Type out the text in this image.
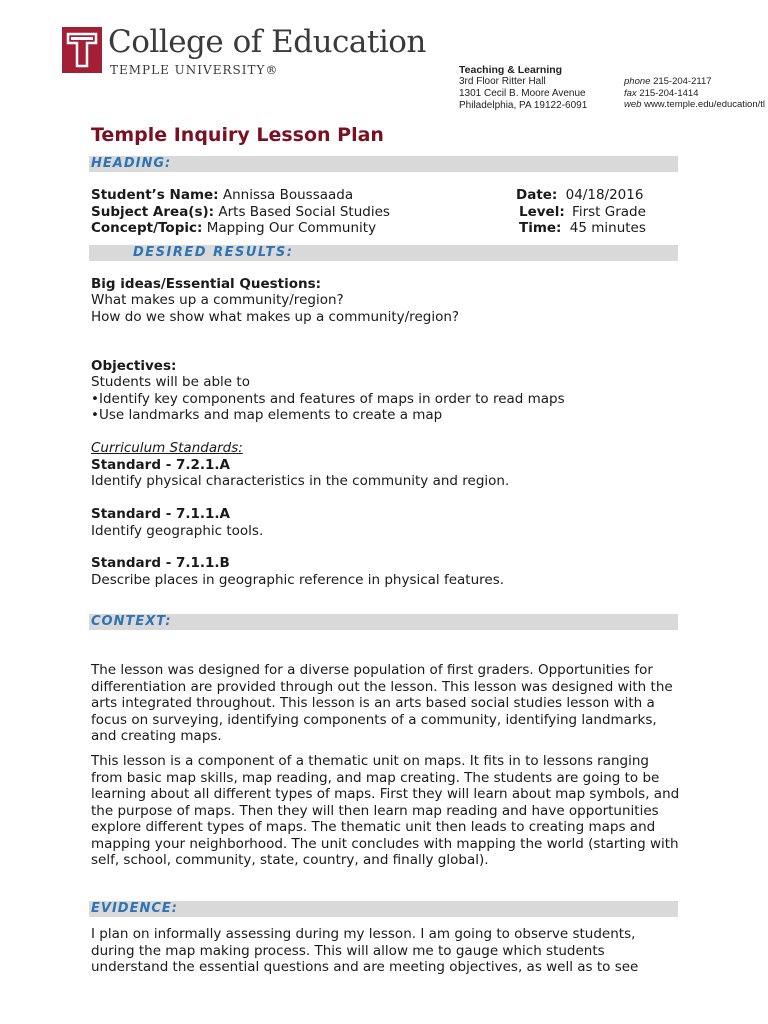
College of Education
TEMPLE UNIVERSITY®	Teaching & Learning
3rd Floor Ritter Hall
1301 Cecil B. Moore Avenue
Philadelphia, PA 19122-6091
phone 215-204-2117
fax 215-204-1414
web www.temple.edu/education/tl
Temple Inquiry Lesson Plan
HEADING:
Student’s Name: Annissa Boussaada
Subject Area(s): Arts Based Social Studies
Concept/Topic: Mapping Our Community
Date: 04/18/2016
Level: First Grade
Time: 45 minutes
DESIRED RESULTS:
Big ideas/Essential Questions:
What makes up a community/region?
How do we show what makes up a community/region?
Objectives:
Students will be able to
•Identify key components and features of maps in order to read maps
•Use landmarks and map elements to create a map
Curriculum Standards:
Standard - 7.2.1.A
Identify physical characteristics in the community and region.
Standard - 7.1.1.A
Identify geographic tools.
Standard - 7.1.1.B
Describe places in geographic reference in physical features.
CONTEXT:
The lesson was designed for a diverse population of first graders. Opportunities for differentiation are provided through out the lesson. This lesson was designed with the arts integrated throughout. This lesson is an arts based social studies lesson with a focus on surveying, identifying components of a community, identifying landmarks, and creating maps.
This lesson is a component of a thematic unit on maps. It fits in to lessons ranging from basic map skills, map reading, and map creating. The students are going to be learning about all different types of maps. First they will learn about map symbols, and the purpose of maps. Then they will then learn map reading and have opportunities explore different types of maps. The thematic unit then leads to creating maps and mapping your neighborhood. The unit concludes with mapping the world (starting with self, school, community, state, country, and finally global).
EVIDENCE:
I plan on informally assessing during my lesson. I am going to observe students, during the map making process. This will allow me to gauge which students understand the essential questions and are meeting objectives, as well as to see
